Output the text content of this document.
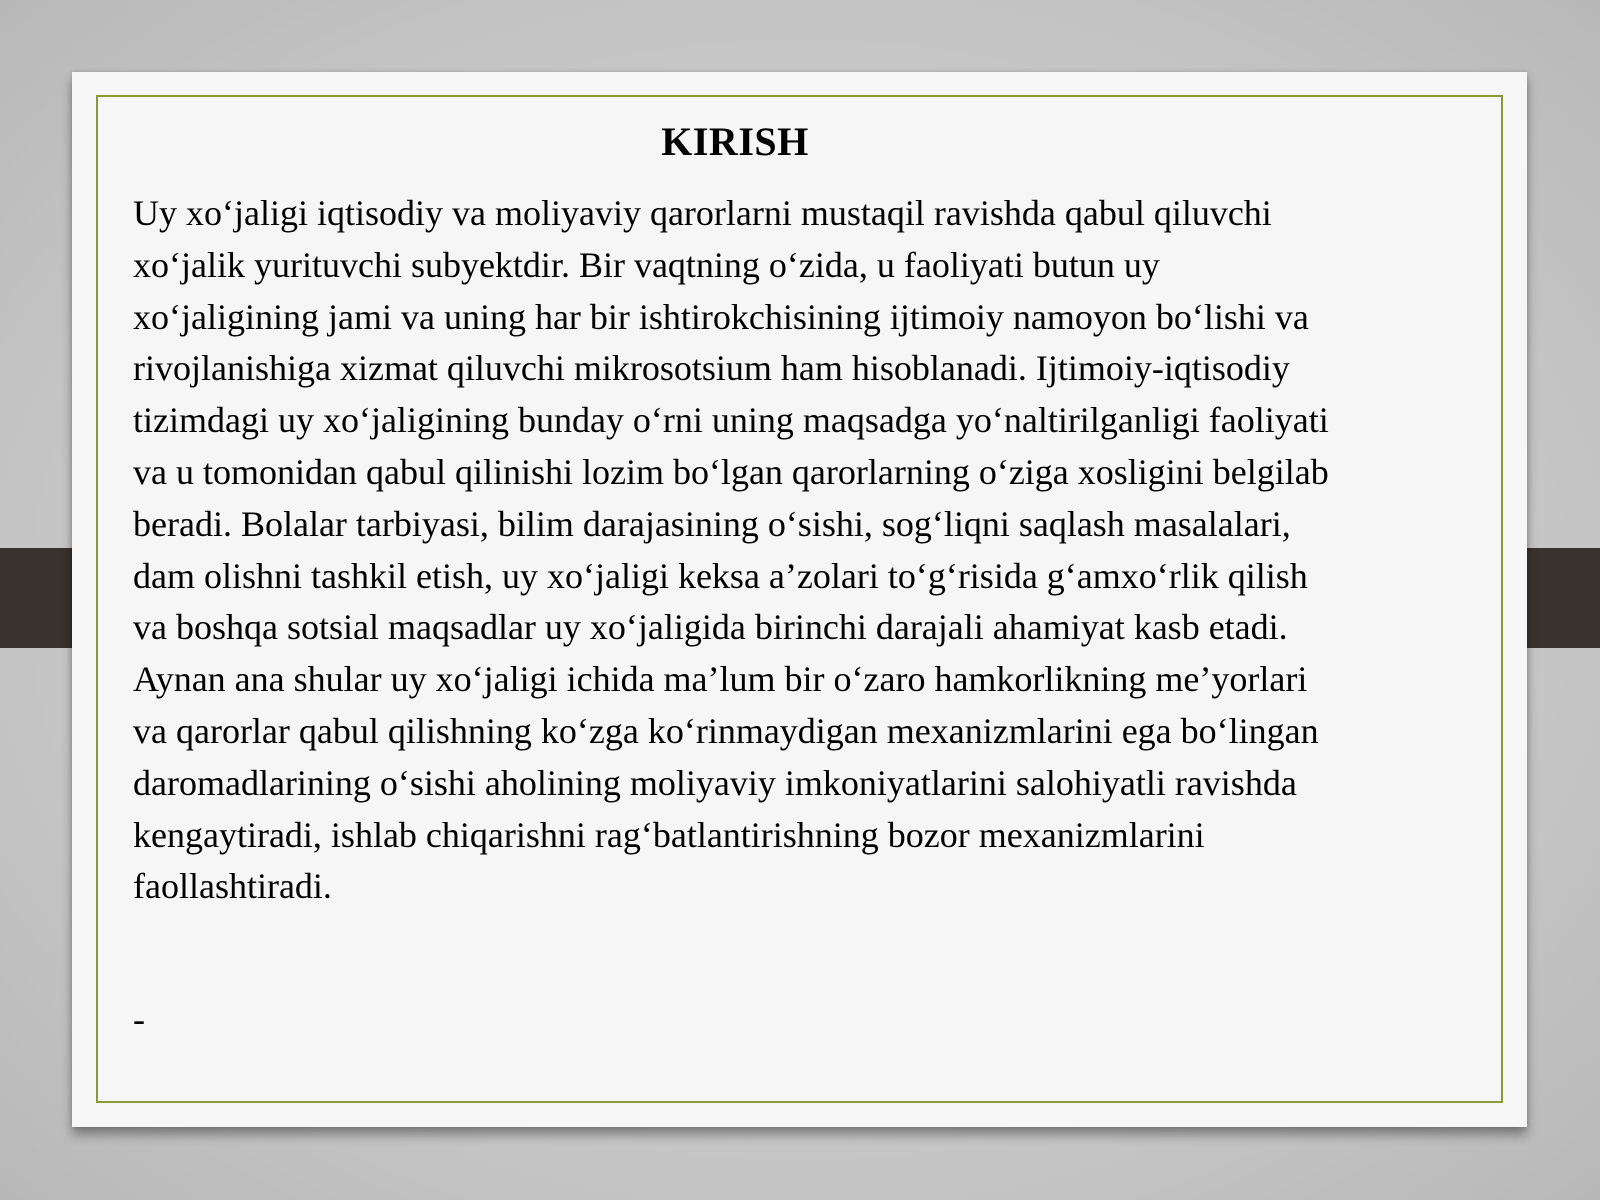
KIRISH

Uy xo‘jaligi iqtisodiy va moliyaviy qarorlarni mustaqil ravishda qabul qiluvchi
xo‘jalik yurituvchi subyektdir. Bir vaqtning o‘zida, u faoliyati butun uy
xo‘jaligining jami va uning har bir ishtirokchisining ijtimoiy namoyon bo‘lishi va
rivojlanishiga xizmat qiluvchi mikrosotsium ham hisoblanadi. Ijtimoiy-iqtisodiy
tizimdagi uy xo‘jaligining bunday o‘rni uning maqsadga yo‘naltirilganligi faoliyati
va u tomonidan qabul qilinishi lozim bo‘lgan qarorlarning o‘ziga xosligini belgilab
beradi. Bolalar tarbiyasi, bilim darajasining o‘sishi, sog‘liqni saqlash masalalari,
dam olishni tashkil etish, uy xo‘jaligi keksa a’zolari to‘g‘risida g‘amxo‘rlik qilish
va boshqa sotsial maqsadlar uy xo‘jaligida birinchi darajali ahamiyat kasb etadi.
Aynan ana shular uy xo‘jaligi ichida ma’lum bir o‘zaro hamkorlikning me’yorlari
va qarorlar qabul qilishning ko‘zga ko‘rinmaydigan mexanizmlarini ega bo‘lingan
daromadlarining o‘sishi aholining moliyaviy imkoniyatlarini salohiyatli ravishda
kengaytiradi, ishlab chiqarishni rag‘batlantirishning bozor mexanizmlarini
faollashtiradi.

-
